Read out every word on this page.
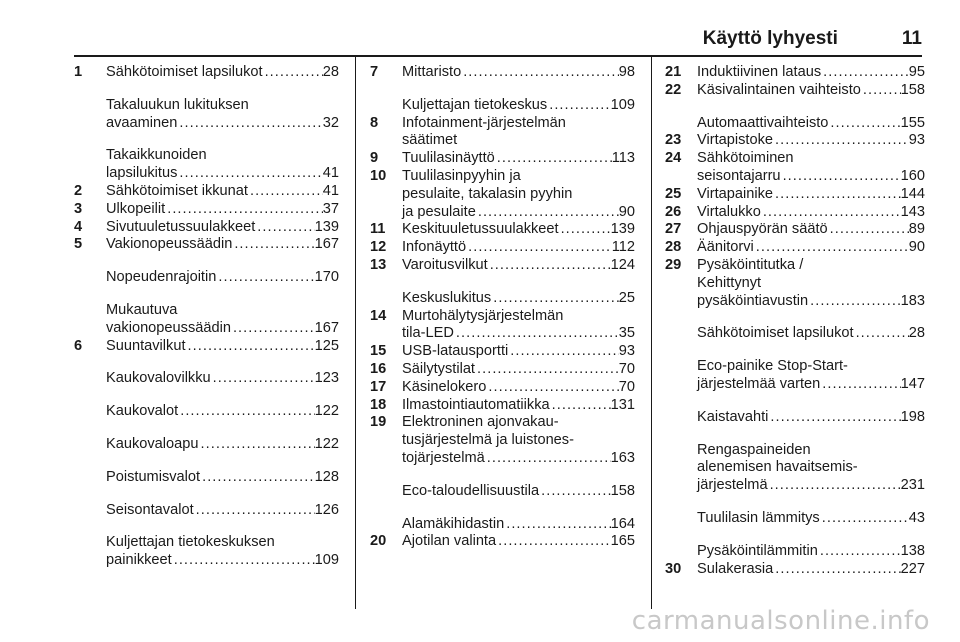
Käyttö lyhyesti	11
1	Sähkötoimiset lapsilukot . . .	28
Takaluukun lukituksen
avaaminen . . .	32
Takaikkunoiden
lapsilukitus . . .	41
2	Sähkötoimiset ikkunat . . .	41
3	Ulkopeilit . . .	37
4	Sivutuuletussuulakkeet . . .	139
5	Vakionopeussäädin . . .	167
Nopeudenrajoitin . . .	170
Mukautuva
vakionopeussäädin . . .	167
6	Suuntavilkut . . .	125
Kaukovalovilkku . . .	123
Kaukovalot . . .	122
Kaukovaloapu . . .	122
Poistumisvalot . . .	128
Seisontavalot . . .	126
Kuljettajan tietokeskuksen
painikkeet . . .	109
7	Mittaristo . . .	98
Kuljettajan tietokeskus . . .	109
8	Infotainment-järjestelmän
säätimet
9	Tuulilasinäyttö . . .	113
10	Tuulilasinpyyhin ja
pesulaite, takalasin pyyhin
ja pesulaite . . .	90
11	Keskituuletussuulakkeet . . .	139
12	Infonäyttö . . .	112
13	Varoitusvilkut . . .	124
Keskuslukitus . . .	25
14	Murtohälytysjärjestelmän
tila-LED . . .	35
15	USB-latausportti . . .	93
16	Säilytystilat . . .	70
17	Käsinelokero . . .	70
18	Ilmastointiautomatiikka . . .	131
19	Elektroninen ajonvakau-
tusjärjestelmä ja luistones-
tojärjestelmä . . .	163
Eco-taloudellisuustila . . .	158
Alamäkihidastin . . .	164
20	Ajotilan valinta . . .	165
21	Induktiivinen lataus . . .	95
22	Käsivalintainen vaihteisto . . .	158
Automaattivaihteisto . . .	155
23	Virtapistoke . . .	93
24	Sähkötoiminen
seisontajarru . . .	160
25	Virtapainike . . .	144
26	Virtalukko . . .	143
27	Ohjauspyörän säätö . . .	89
28	Äänitorvi . . .	90
29	Pysäköintitutka /
Kehittynyt
pysäköintiavustin . . .	183
Sähkötoimiset lapsilukot . . .	28
Eco-painike Stop-Start-
järjestelmää varten . . .	147
Kaistavahti . . .	198
Rengaspaineiden
alenemisen havaitsemis-
järjestelmä . . .	231
Tuulilasin lämmitys . . .	43
Pysäköintilämmitin . . .	138
30	Sulakerasia . . .	227
carmanualsonline.info
